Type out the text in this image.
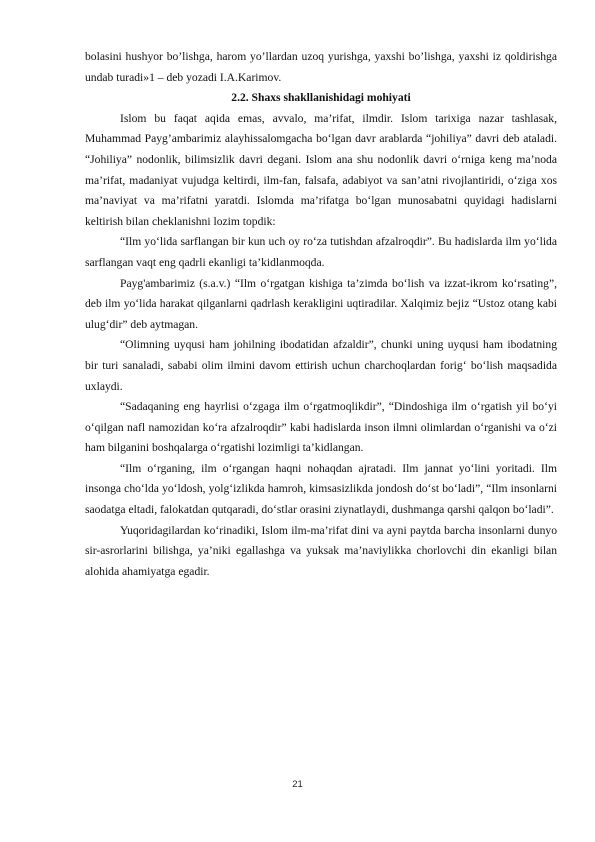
bolasini hushyor bo’lishga, harom yo’llardan uzoq yurishga, yaxshi bo’lishga, yaxshi iz qoldirishga undab turadi»1 – deb yozadi I.A.Karimov.

2.2. Shaxs shakllanishidagi mohiyati

Islom bu faqat aqida emas, avvalo, ma’rifat, ilmdir. Islom tarixiga nazar tashlasak, Muhammad Payg’ambarimiz alayhissalomgacha bo‘lgan davr arablarda “johiliya” davri deb ataladi. “Johiliya” nodonlik, bilimsizlik davri degani. Islom ana shu nodonlik davri o‘rniga keng ma’noda ma’rifat, madaniyat vujudga keltirdi, ilm-fan, falsafa, adabiyot va san’atni rivojlantiridi, o‘ziga xos ma’naviyat va ma’rifatni yaratdi. Islomda ma’rifatga bo‘lgan munosabatni quyidagi hadislarni keltirish bilan cheklanishni lozim topdik:

“Ilm yo‘lida sarflangan bir kun uch oy ro‘za tutishdan afzalroqdir”. Bu hadislarda ilm yo‘lida sarflangan vaqt eng qadrli ekanligi ta’kidlanmoqda.

Payg'ambarimiz (s.a.v.) “Ilm o‘rgatgan kishiga ta’zimda bo‘lish va izzat-ikrom ko‘rsating”, deb ilm yo‘lida harakat qilganlarni qadrlash kerakligini uqtiradilar. Xalqimiz bejiz “Ustoz otang kabi ulug‘dir” deb aytmagan.

“Olimning uyqusi ham johilning ibodatidan afzaldir”, chunki uning uyqusi ham ibodatning bir turi sanaladi, sababi olim ilmini davom ettirish uchun charchoqlardan forig‘ bo‘lish maqsadida uxlaydi.

“Sadaqaning eng hayrlisi o‘zgaga ilm o‘rgatmoqlikdir”, “Dindoshiga ilm o‘rgatish yil bo‘yi o‘qilgan nafl namozidan ko‘ra afzalroqdir” kabi hadislarda inson ilmni olimlardan o‘rganishi va o‘zi ham bilganini boshqalarga o‘rgatishi lozimligi ta’kidlangan.

“Ilm o‘rganing, ilm o‘rgangan haqni nohaqdan ajratadi. Ilm jannat yo‘lini yoritadi. Ilm insonga cho‘lda yo‘ldosh, yolg‘izlikda hamroh, kimsasizlikda jondosh do‘st bo‘ladi”, “Ilm insonlarni saodatga eltadi, falokatdan qutqaradi, do‘stlar orasini ziynatlaydi, dushmanga qarshi qalqon bo‘ladi”.

Yuqoridagilardan ko‘rinadiki, Islom ilm-ma’rifat dini va ayni paytda barcha insonlarni dunyo sir-asrorlarini bilishga, ya’niki egallashga va yuksak ma’naviylikka chorlovchi din ekanligi bilan alohida ahamiyatga egadir.

21
